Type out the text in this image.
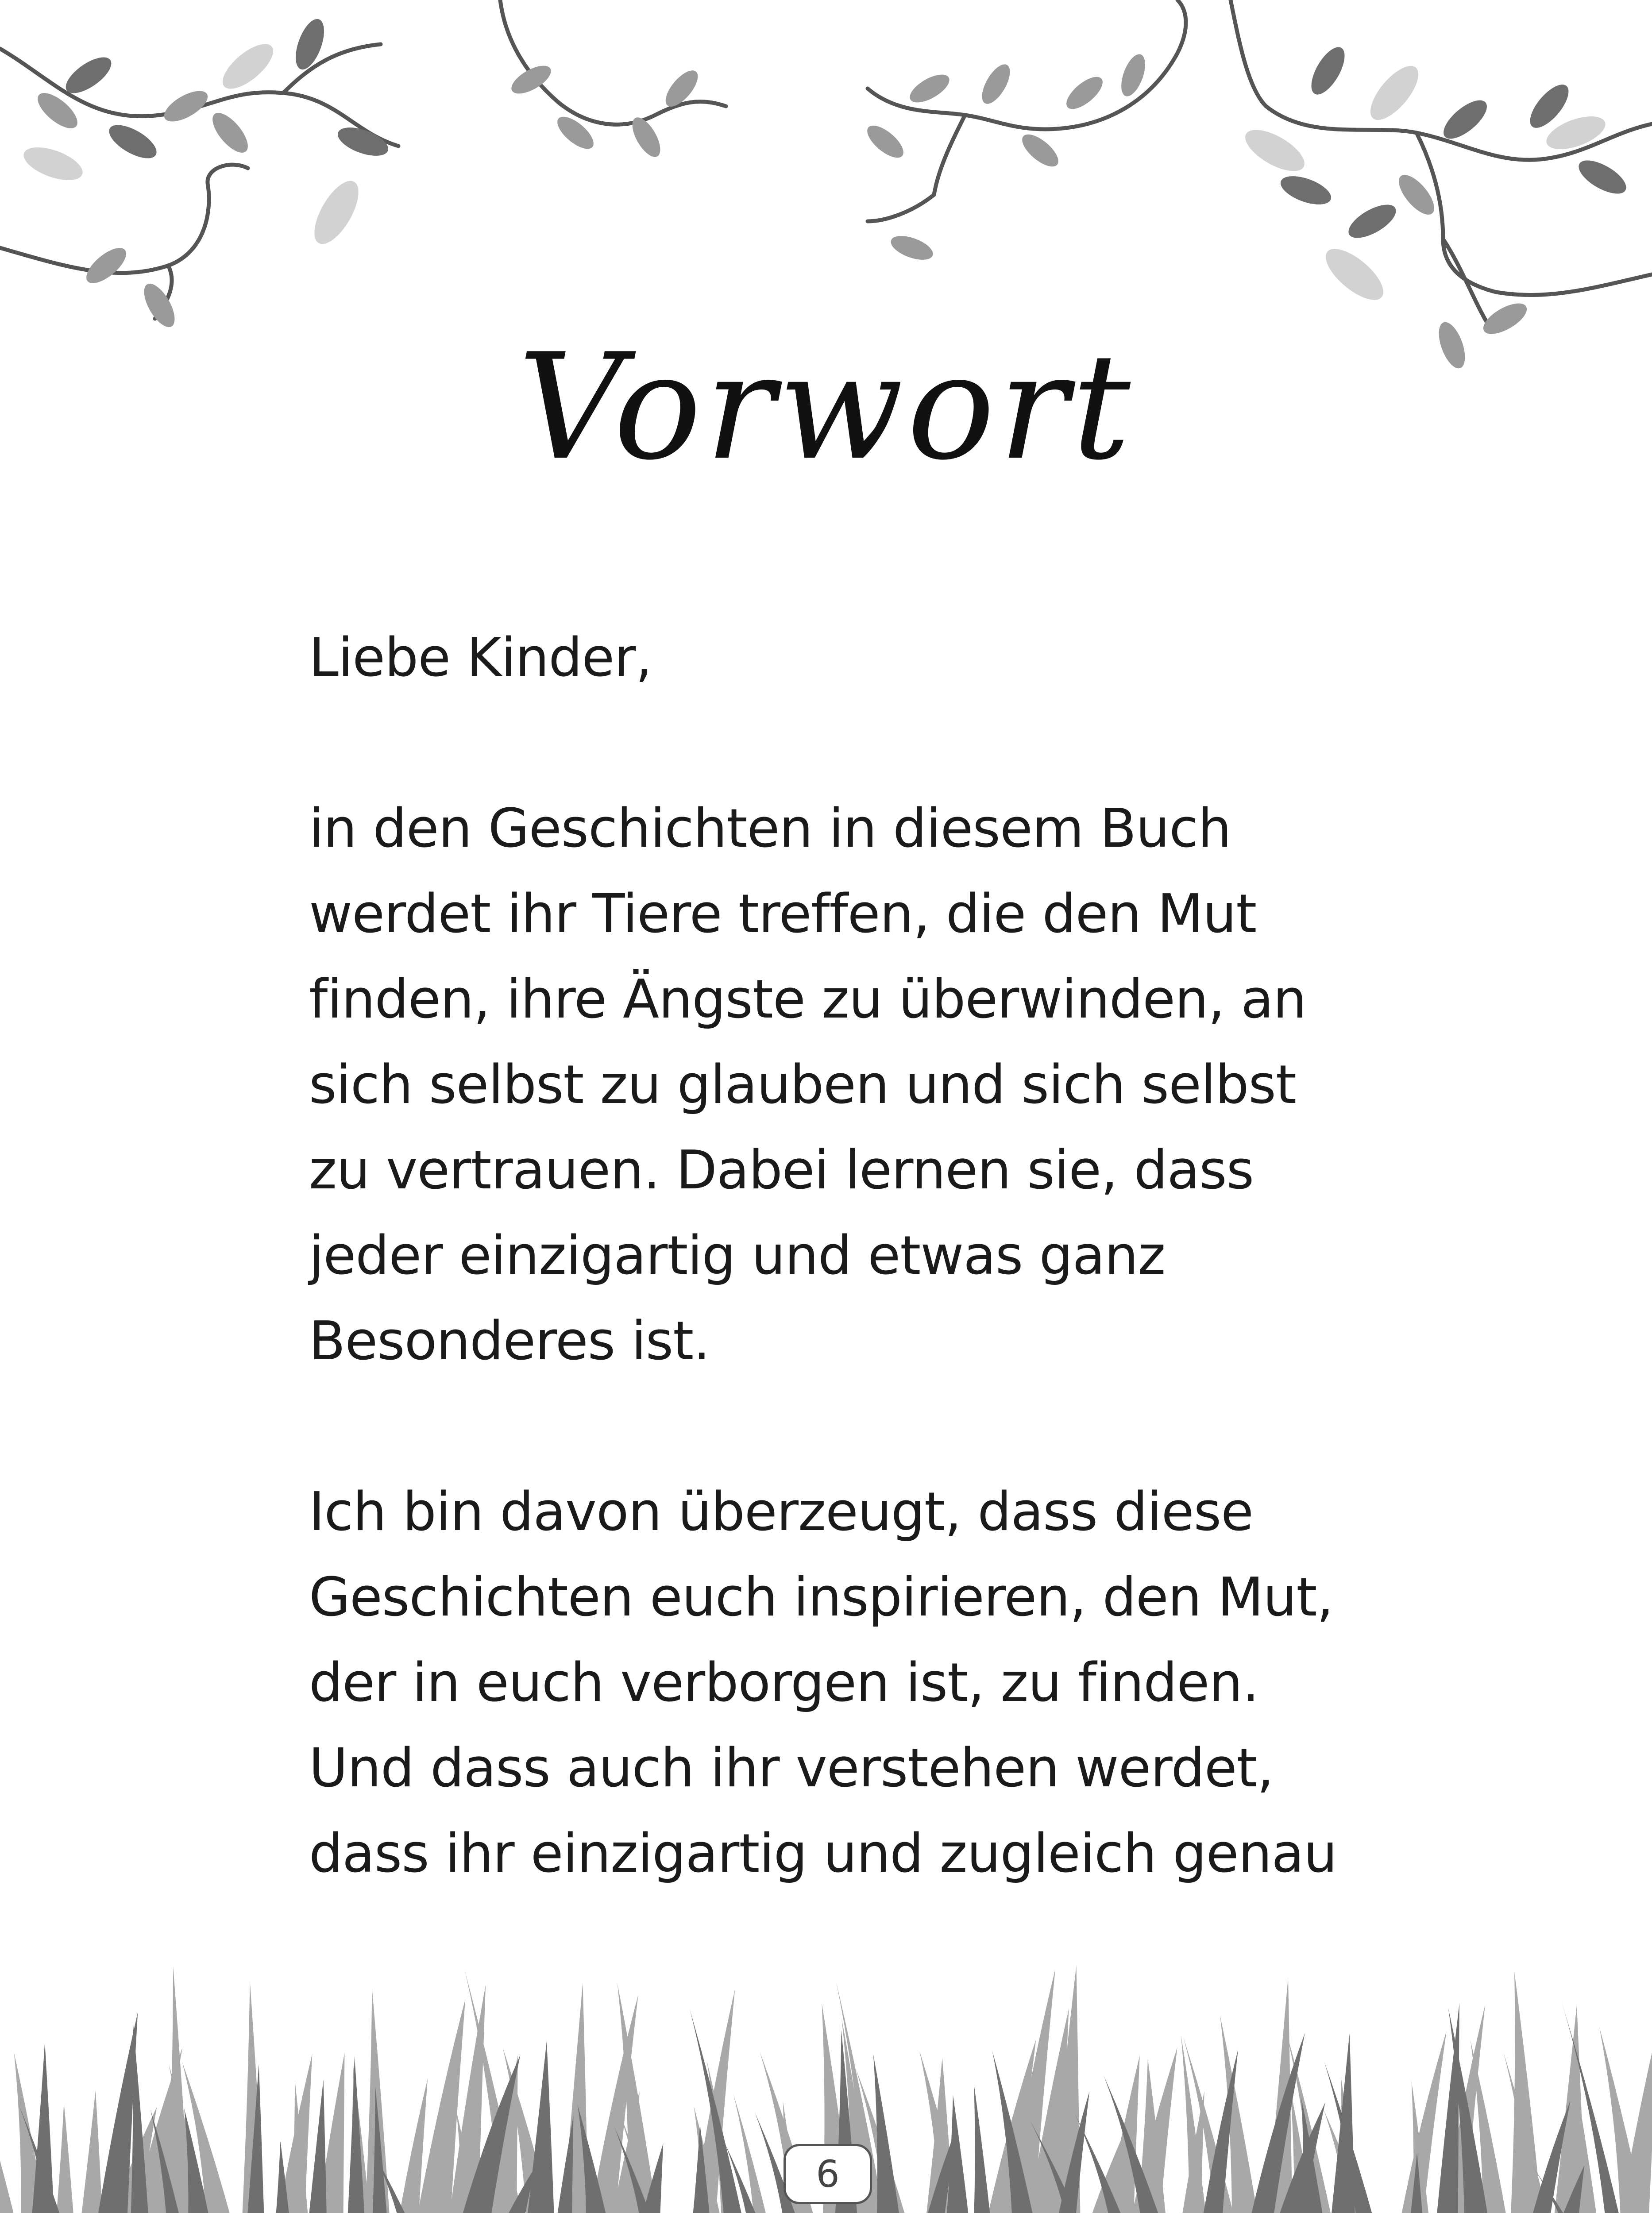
Vorwort
Liebe Kinder,
in den Geschichten in diesem Buch
werdet ihr Tiere treffen, die den Mut
finden, ihre Ängste zu überwinden, an
sich selbst zu glauben und sich selbst
zu vertrauen. Dabei lernen sie, dass
jeder einzigartig und etwas ganz
Besonderes ist.
Ich bin davon überzeugt, dass diese
Geschichten euch inspirieren, den Mut,
der in euch verborgen ist, zu finden.
Und dass auch ihr verstehen werdet,
dass ihr einzigartig und zugleich genau
6
